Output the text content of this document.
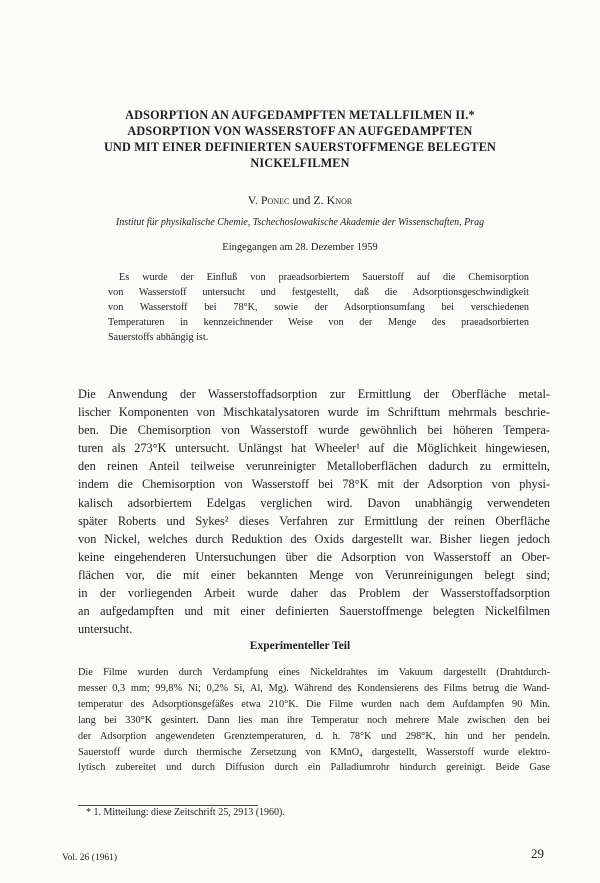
ADSORPTION AN AUFGEDAMPFTEN METALLFILMEN II.*
ADSORPTION VON WASSERSTOFF AN AUFGEDAMPFTEN
UND MIT EINER DEFINIERTEN SAUERSTOFFMENGE BELEGTEN
NICKELFILMEN
V. Ponec und Z. Knor
Institut für physikalische Chemie, Tschechoslowakische Akademie der Wissenschaften, Prag
Eingegangen am 28. Dezember 1959
Es wurde der Einfluß von praeadsorbiertem Sauerstoff auf die Chemisorption
von Wasserstoff untersucht und festgestellt, daß die Adsorptionsgeschwindigkeit
von Wasserstoff bei 78°K, sowie der Adsorptionsumfang bei verschiedenen
Temperaturen in kennzeichnender Weise von der Menge des praeadsorbierten
Sauerstoffs abhängig ist.
Die Anwendung der Wasserstoffadsorption zur Ermittlung der Oberfläche metal-
lischer Komponenten von Mischkatalysatoren wurde im Schrifttum mehrmals beschrie-
ben. Die Chemisorption von Wasserstoff wurde gewöhnlich bei höheren Tempera-
turen als 273°K untersucht. Unlängst hat Wheeler¹ auf die Möglichkeit hingewiesen,
den reinen Anteil teilweise verunreinigter Metalloberflächen dadurch zu ermitteln,
indem die Chemisorption von Wasserstoff bei 78°K mit der Adsorption von physi-
kalisch adsorbiertem Edelgas verglichen wird. Davon unabhängig verwendeten
später Roberts und Sykes² dieses Verfahren zur Ermittlung der reinen Oberfläche
von Nickel, welches durch Reduktion des Oxids dargestellt war. Bisher liegen jedoch
keine eingehenderen Untersuchungen über die Adsorption von Wasserstoff an Ober-
flächen vor, die mit einer bekannten Menge von Verunreinigungen belegt sind;
in der vorliegenden Arbeit wurde daher das Problem der Wasserstoffadsorption
an aufgedampften und mit einer definierten Sauerstoffmenge belegten Nickelfilmen
untersucht.
Experimenteller Teil
Die Filme wurden durch Verdampfung eines Nickeldrahtes im Vakuum dargestellt (Drahtdurch-
messer 0,3 mm; 99,8% Ni; 0,2% Si, Al, Mg). Während des Kondensierens des Films betrug die Wand-
temperatur des Adsorptionsgefäßes etwa 210°K. Die Filme wurden nach dem Aufdampfen 90 Min.
lang bei 330°K gesintert. Dann lies man ihre Temperatur noch mehrere Male zwischen den bei
der Adsorption angewendeten Grenztemperaturen, d. h. 78°K und 298°K, hin und her pendeln.
Sauerstoff wurde durch thermische Zersetzung von KMnO₄ dargestellt, Wasserstoff wurde elektro-
lytisch zubereitet und durch Diffusion durch ein Palladiumrohr hindurch gereinigt. Beide Gase
* 1. Mitteilung: diese Zeitschrift 25, 2913 (1960).
Vol. 26 (1961)	29
